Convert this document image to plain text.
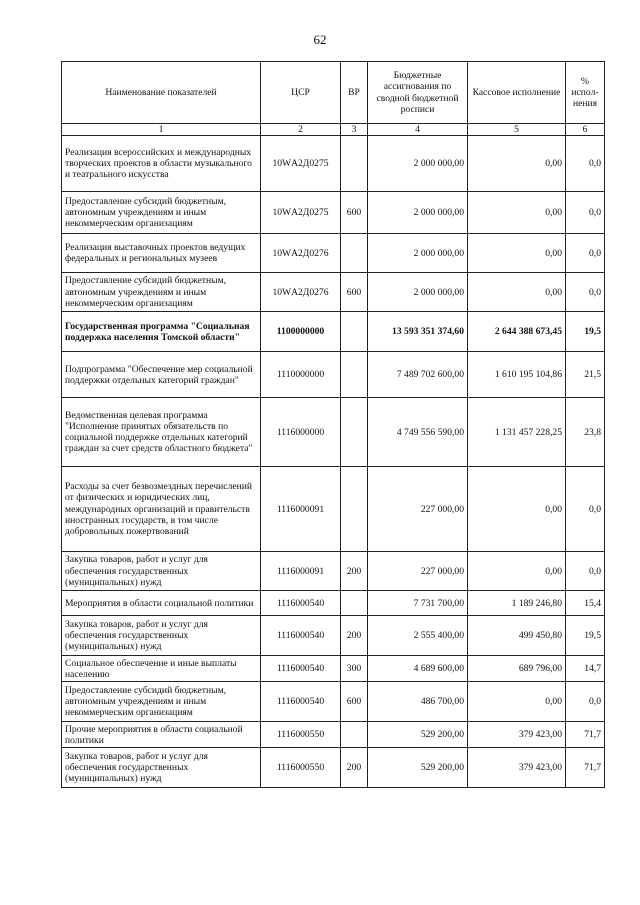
62
Наименование показателей	ЦСР	ВР	Бюджетные ассигнования по сводной бюджетной росписи	Кассовое исполнение	% испол- нения
1	2	3	4	5	6
Реализация всероссийских и международных творческих проектов в области музыкального и театрального искусства	10WА2Д0275		2 000 000,00	0,00	0,0
Предоставление субсидий бюджетным, автономным учреждениям и иным некоммерческим организациям	10WА2Д0275	600	2 000 000,00	0,00	0,0
Реализация выставочных проектов ведущих федеральных и региональных музеев	10WА2Д0276		2 000 000,00	0,00	0,0
Предоставление субсидий бюджетным, автономным учреждениям и иным некоммерческим организациям	10WА2Д0276	600	2 000 000,00	0,00	0,0
Государственная программа "Социальная поддержка населения Томской области"	1100000000		13 593 351 374,60	2 644 388 673,45	19,5
Подпрограмма "Обеспечение мер социальной поддержки отдельных категорий граждан"	1110000000		7 489 702 600,00	1 610 195 104,86	21,5
Ведомственная целевая программа "Исполнение принятых обязательств по социальной поддержке отдельных категорий граждан за счет средств областного бюджета"	1116000000		4 749 556 590,00	1 131 457 228,25	23,8
Расходы за счет безвозмездных перечислений от физических и юридических лиц, международных организаций и правительств иностранных государств, в том числе добровольных пожертвований	1116000091		227 000,00	0,00	0,0
Закупка товаров, работ и услуг для обеспечения государственных (муниципальных) нужд	1116000091	200	227 000,00	0,00	0,0
Мероприятия в области социальной политики	1116000540		7 731 700,00	1 189 246,80	15,4
Закупка товаров, работ и услуг для обеспечения государственных (муниципальных) нужд	1116000540	200	2 555 400,00	499 450,80	19,5
Социальное обеспечение и иные выплаты населению	1116000540	300	4 689 600,00	689 796,00	14,7
Предоставление субсидий бюджетным, автономным учреждениям и иным некоммерческим организациям	1116000540	600	486 700,00	0,00	0,0
Прочие мероприятия в области социальной политики	1116000550		529 200,00	379 423,00	71,7
Закупка товаров, работ и услуг для обеспечения государственных (муниципальных) нужд	1116000550	200	529 200,00	379 423,00	71,7
